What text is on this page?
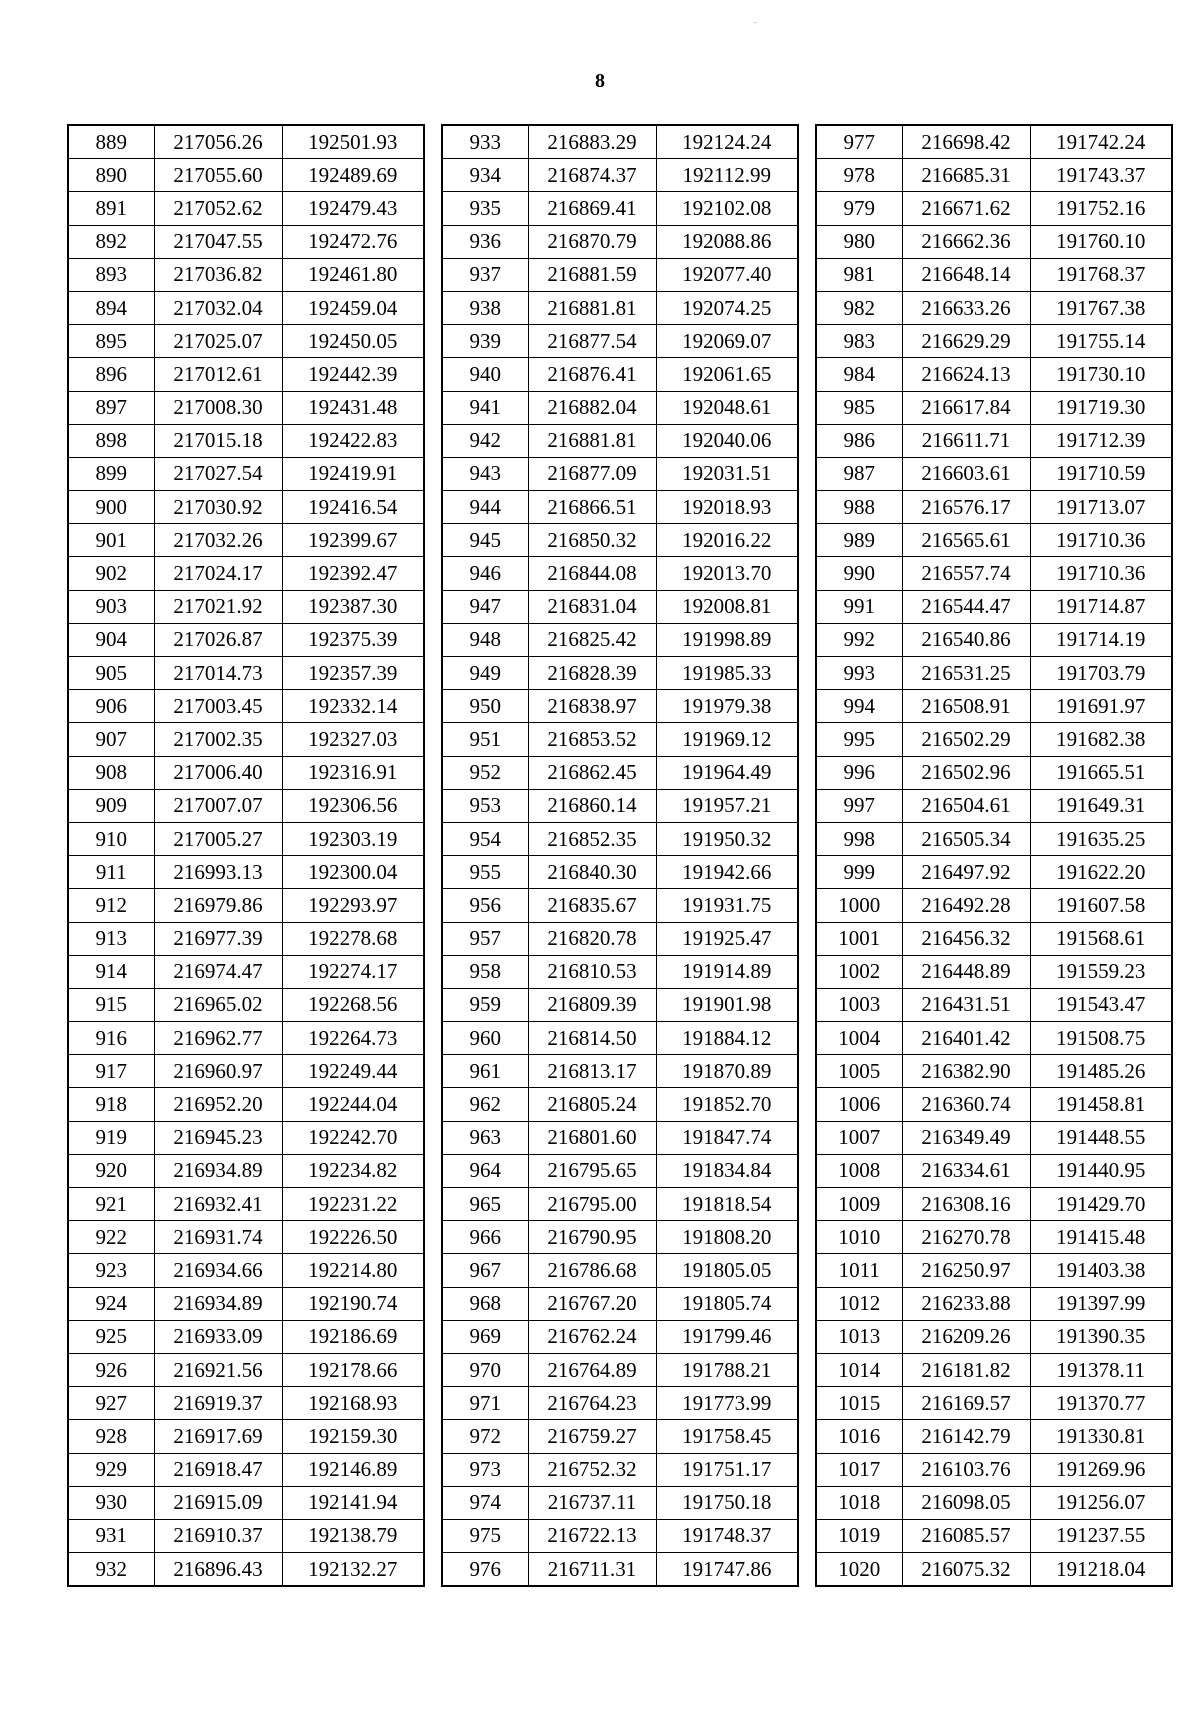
8
889	217056.26	192501.93
890	217055.60	192489.69
891	217052.62	192479.43
892	217047.55	192472.76
893	217036.82	192461.80
894	217032.04	192459.04
895	217025.07	192450.05
896	217012.61	192442.39
897	217008.30	192431.48
898	217015.18	192422.83
899	217027.54	192419.91
900	217030.92	192416.54
901	217032.26	192399.67
902	217024.17	192392.47
903	217021.92	192387.30
904	217026.87	192375.39
905	217014.73	192357.39
906	217003.45	192332.14
907	217002.35	192327.03
908	217006.40	192316.91
909	217007.07	192306.56
910	217005.27	192303.19
911	216993.13	192300.04
912	216979.86	192293.97
913	216977.39	192278.68
914	216974.47	192274.17
915	216965.02	192268.56
916	216962.77	192264.73
917	216960.97	192249.44
918	216952.20	192244.04
919	216945.23	192242.70
920	216934.89	192234.82
921	216932.41	192231.22
922	216931.74	192226.50
923	216934.66	192214.80
924	216934.89	192190.74
925	216933.09	192186.69
926	216921.56	192178.66
927	216919.37	192168.93
928	216917.69	192159.30
929	216918.47	192146.89
930	216915.09	192141.94
931	216910.37	192138.79
932	216896.43	192132.27
933	216883.29	192124.24
934	216874.37	192112.99
935	216869.41	192102.08
936	216870.79	192088.86
937	216881.59	192077.40
938	216881.81	192074.25
939	216877.54	192069.07
940	216876.41	192061.65
941	216882.04	192048.61
942	216881.81	192040.06
943	216877.09	192031.51
944	216866.51	192018.93
945	216850.32	192016.22
946	216844.08	192013.70
947	216831.04	192008.81
948	216825.42	191998.89
949	216828.39	191985.33
950	216838.97	191979.38
951	216853.52	191969.12
952	216862.45	191964.49
953	216860.14	191957.21
954	216852.35	191950.32
955	216840.30	191942.66
956	216835.67	191931.75
957	216820.78	191925.47
958	216810.53	191914.89
959	216809.39	191901.98
960	216814.50	191884.12
961	216813.17	191870.89
962	216805.24	191852.70
963	216801.60	191847.74
964	216795.65	191834.84
965	216795.00	191818.54
966	216790.95	191808.20
967	216786.68	191805.05
968	216767.20	191805.74
969	216762.24	191799.46
970	216764.89	191788.21
971	216764.23	191773.99
972	216759.27	191758.45
973	216752.32	191751.17
974	216737.11	191750.18
975	216722.13	191748.37
976	216711.31	191747.86
977	216698.42	191742.24
978	216685.31	191743.37
979	216671.62	191752.16
980	216662.36	191760.10
981	216648.14	191768.37
982	216633.26	191767.38
983	216629.29	191755.14
984	216624.13	191730.10
985	216617.84	191719.30
986	216611.71	191712.39
987	216603.61	191710.59
988	216576.17	191713.07
989	216565.61	191710.36
990	216557.74	191710.36
991	216544.47	191714.87
992	216540.86	191714.19
993	216531.25	191703.79
994	216508.91	191691.97
995	216502.29	191682.38
996	216502.96	191665.51
997	216504.61	191649.31
998	216505.34	191635.25
999	216497.92	191622.20
1000	216492.28	191607.58
1001	216456.32	191568.61
1002	216448.89	191559.23
1003	216431.51	191543.47
1004	216401.42	191508.75
1005	216382.90	191485.26
1006	216360.74	191458.81
1007	216349.49	191448.55
1008	216334.61	191440.95
1009	216308.16	191429.70
1010	216270.78	191415.48
1011	216250.97	191403.38
1012	216233.88	191397.99
1013	216209.26	191390.35
1014	216181.82	191378.11
1015	216169.57	191370.77
1016	216142.79	191330.81
1017	216103.76	191269.96
1018	216098.05	191256.07
1019	216085.57	191237.55
1020	216075.32	191218.04
